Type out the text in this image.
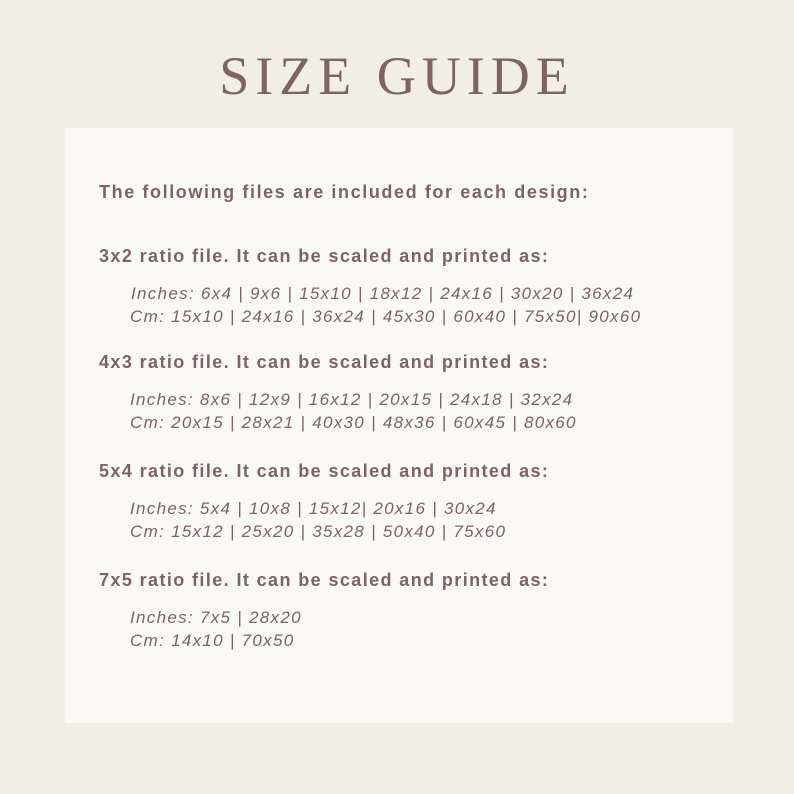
SIZE GUIDE
The following files are included for each design:
3x2 ratio file. It can be scaled and printed as:
Inches: 6x4 | 9x6 | 15x10 | 18x12 | 24x16 | 30x20 | 36x24
Cm: 15x10 | 24x16 | 36x24 | 45x30 | 60x40 | 75x50| 90x60
4x3 ratio file. It can be scaled and printed as:
Inches: 8x6 | 12x9 | 16x12 | 20x15 | 24x18 | 32x24
Cm: 20x15 | 28x21 | 40x30 | 48x36 | 60x45 | 80x60
5x4 ratio file. It can be scaled and printed as:
Inches: 5x4 | 10x8 | 15x12| 20x16 | 30x24
Cm: 15x12 | 25x20 | 35x28 | 50x40 | 75x60
7x5 ratio file. It can be scaled and printed as:
Inches: 7x5 | 28x20
Cm: 14x10 | 70x50
